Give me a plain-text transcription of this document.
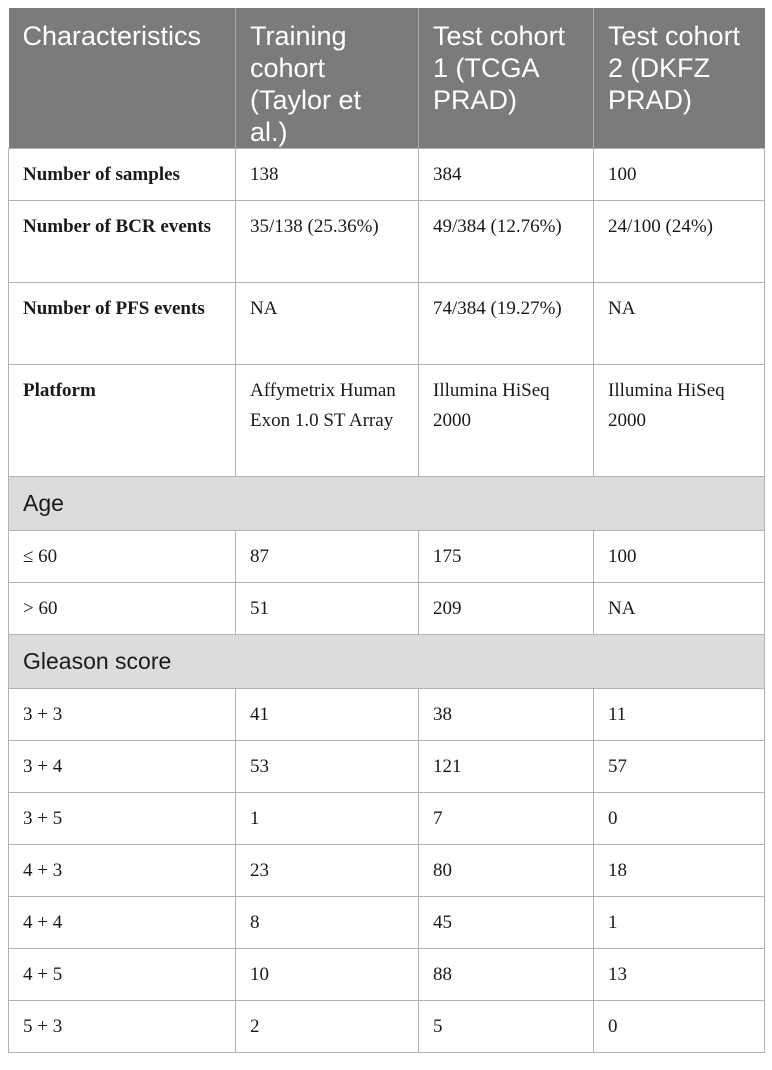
Characteristics	Training cohort (Taylor et al.)	Test cohort 1 (TCGA PRAD)	Test cohort 2 (DKFZ PRAD)
Number of samples	138	384	100
Number of BCR events	35/138 (25.36%)	49/384 (12.76%)	24/100 (24%)
Number of PFS events	NA	74/384 (19.27%)	NA
Platform	Affymetrix Human Exon 1.0 ST Array	Illumina HiSeq 2000	Illumina HiSeq 2000
Age			
≤ 60	87	175	100
> 60	51	209	NA
Gleason score			
3 + 3	41	38	11
3 + 4	53	121	57
3 + 5	1	7	0
4 + 3	23	80	18
4 + 4	8	45	1
4 + 5	10	88	13
5 + 3	2	5	0
